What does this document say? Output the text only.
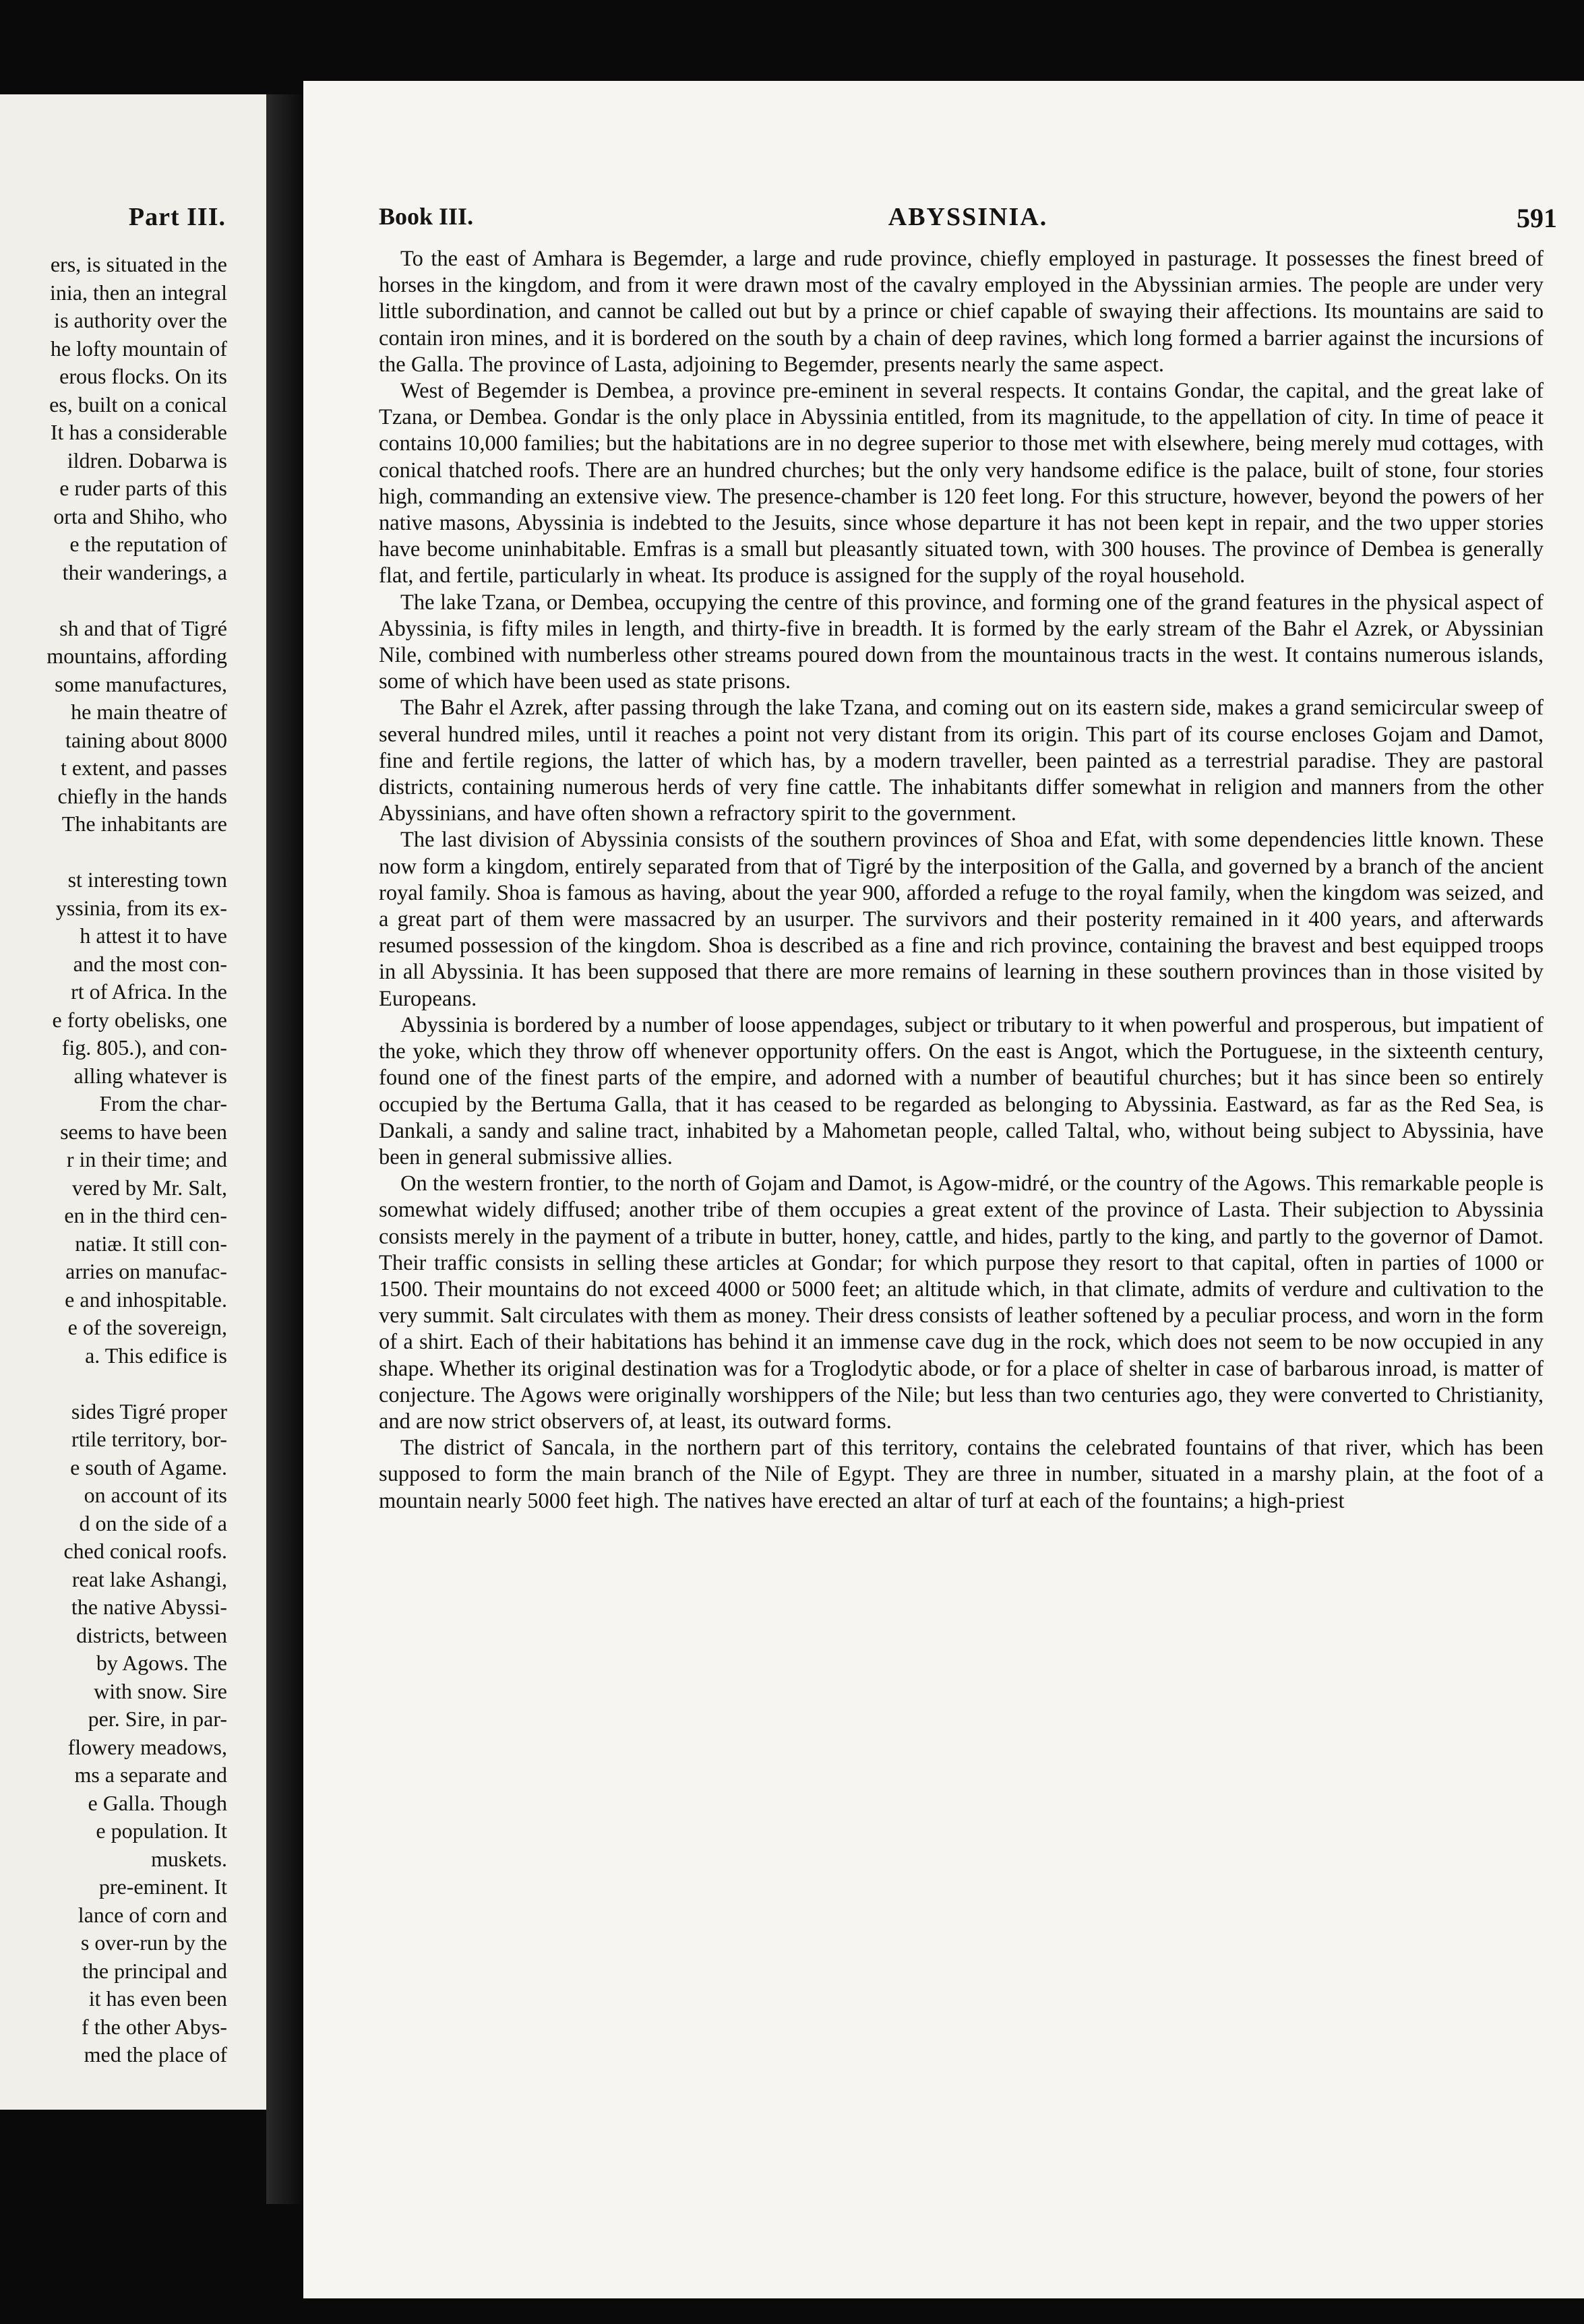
Part III.
ers, is situated in the
inia, then an integral
is authority over the
he lofty mountain of
erous flocks. On its
es, built on a conical
It has a considerable
ildren. Dobarwa is
e ruder parts of this
orta and Shiho, who
e the reputation of
their wanderings, a

sh and that of Tigré
mountains, affording
some manufactures,
he main theatre of
taining about 8000
t extent, and passes
chiefly in the hands
The inhabitants are

st interesting town
yssinia, from its ex-
h attest it to have
and the most con-
rt of Africa. In the
e forty obelisks, one
fig. 805.), and con-
alling whatever is
From the char-
seems to have been
r in their time; and
vered by Mr. Salt,
en in the third cen-
natiæ. It still con-
arries on manufac-
e and inhospitable.
e of the sovereign,
a. This edifice is

sides Tigré proper
rtile territory, bor-
e south of Agame.
on account of its
d on the side of a
ched conical roofs.
reat lake Ashangi,
the native Abyssi-
districts, between
by Agows. The
with snow. Sire
per. Sire, in par-
flowery meadows,
ms a separate and
e Galla. Though
e population. It
muskets.
pre-eminent. It
lance of corn and
s over-run by the
the principal and
it has even been
f the other Abys-
med the place of
Book III.	ABYSSINIA.	591

To the east of Amhara is Begemder, a large and rude province, chiefly employed in pasturage. It possesses the finest breed of horses in the kingdom, and from it were drawn most of the cavalry employed in the Abyssinian armies. The people are under very little subordination, and cannot be called out but by a prince or chief capable of swaying their affections. Its mountains are said to contain iron mines, and it is bordered on the south by a chain of deep ravines, which long formed a barrier against the incursions of the Galla. The province of Lasta, adjoining to Begemder, presents nearly the same aspect.

West of Begemder is Dembea, a province pre-eminent in several respects. It contains Gondar, the capital, and the great lake of Tzana, or Dembea. Gondar is the only place in Abyssinia entitled, from its magnitude, to the appellation of city. In time of peace it contains 10,000 families; but the habitations are in no degree superior to those met with elsewhere, being merely mud cottages, with conical thatched roofs. There are an hundred churches; but the only very handsome edifice is the palace, built of stone, four stories high, commanding an extensive view. The presence-chamber is 120 feet long. For this structure, however, beyond the powers of her native masons, Abyssinia is indebted to the Jesuits, since whose departure it has not been kept in repair, and the two upper stories have become uninhabitable. Emfras is a small but pleasantly situated town, with 300 houses. The province of Dembea is generally flat, and fertile, particularly in wheat. Its produce is assigned for the supply of the royal household.

The lake Tzana, or Dembea, occupying the centre of this province, and forming one of the grand features in the physical aspect of Abyssinia, is fifty miles in length, and thirty-five in breadth. It is formed by the early stream of the Bahr el Azrek, or Abyssinian Nile, combined with numberless other streams poured down from the mountainous tracts in the west. It contains numerous islands, some of which have been used as state prisons.

The Bahr el Azrek, after passing through the lake Tzana, and coming out on its eastern side, makes a grand semicircular sweep of several hundred miles, until it reaches a point not very distant from its origin. This part of its course encloses Gojam and Damot, fine and fertile regions, the latter of which has, by a modern traveller, been painted as a terrestrial paradise. They are pastoral districts, containing numerous herds of very fine cattle. The inhabitants differ somewhat in religion and manners from the other Abyssinians, and have often shown a refractory spirit to the government.

The last division of Abyssinia consists of the southern provinces of Shoa and Efat, with some dependencies little known. These now form a kingdom, entirely separated from that of Tigré by the interposition of the Galla, and governed by a branch of the ancient royal family. Shoa is famous as having, about the year 900, afforded a refuge to the royal family, when the kingdom was seized, and a great part of them were massacred by an usurper. The survivors and their posterity remained in it 400 years, and afterwards resumed possession of the kingdom. Shoa is described as a fine and rich province, containing the bravest and best equipped troops in all Abyssinia. It has been supposed that there are more remains of learning in these southern provinces than in those visited by Europeans.

Abyssinia is bordered by a number of loose appendages, subject or tributary to it when powerful and prosperous, but impatient of the yoke, which they throw off whenever opportunity offers. On the east is Angot, which the Portuguese, in the sixteenth century, found one of the finest parts of the empire, and adorned with a number of beautiful churches; but it has since been so entirely occupied by the Bertuma Galla, that it has ceased to be regarded as belonging to Abyssinia. Eastward, as far as the Red Sea, is Dankali, a sandy and saline tract, inhabited by a Mahometan people, called Taltal, who, without being subject to Abyssinia, have been in general submissive allies.

On the western frontier, to the north of Gojam and Damot, is Agow-midré, or the country of the Agows. This remarkable people is somewhat widely diffused; another tribe of them occupies a great extent of the province of Lasta. Their subjection to Abyssinia consists merely in the payment of a tribute in butter, honey, cattle, and hides, partly to the king, and partly to the governor of Damot. Their traffic consists in selling these articles at Gondar; for which purpose they resort to that capital, often in parties of 1000 or 1500. Their mountains do not exceed 4000 or 5000 feet; an altitude which, in that climate, admits of verdure and cultivation to the very summit. Salt circulates with them as money. Their dress consists of leather softened by a peculiar process, and worn in the form of a shirt. Each of their habitations has behind it an immense cave dug in the rock, which does not seem to be now occupied in any shape. Whether its original destination was for a Troglodytic abode, or for a place of shelter in case of barbarous inroad, is matter of conjecture. The Agows were originally worshippers of the Nile; but less than two centuries ago, they were converted to Christianity, and are now strict observers of, at least, its outward forms.

The district of Sancala, in the northern part of this territory, contains the celebrated fountains of that river, which has been supposed to form the main branch of the Nile of Egypt. They are three in number, situated in a marshy plain, at the foot of a mountain nearly 5000 feet high. The natives have erected an altar of turf at each of the fountains; a high-priest
